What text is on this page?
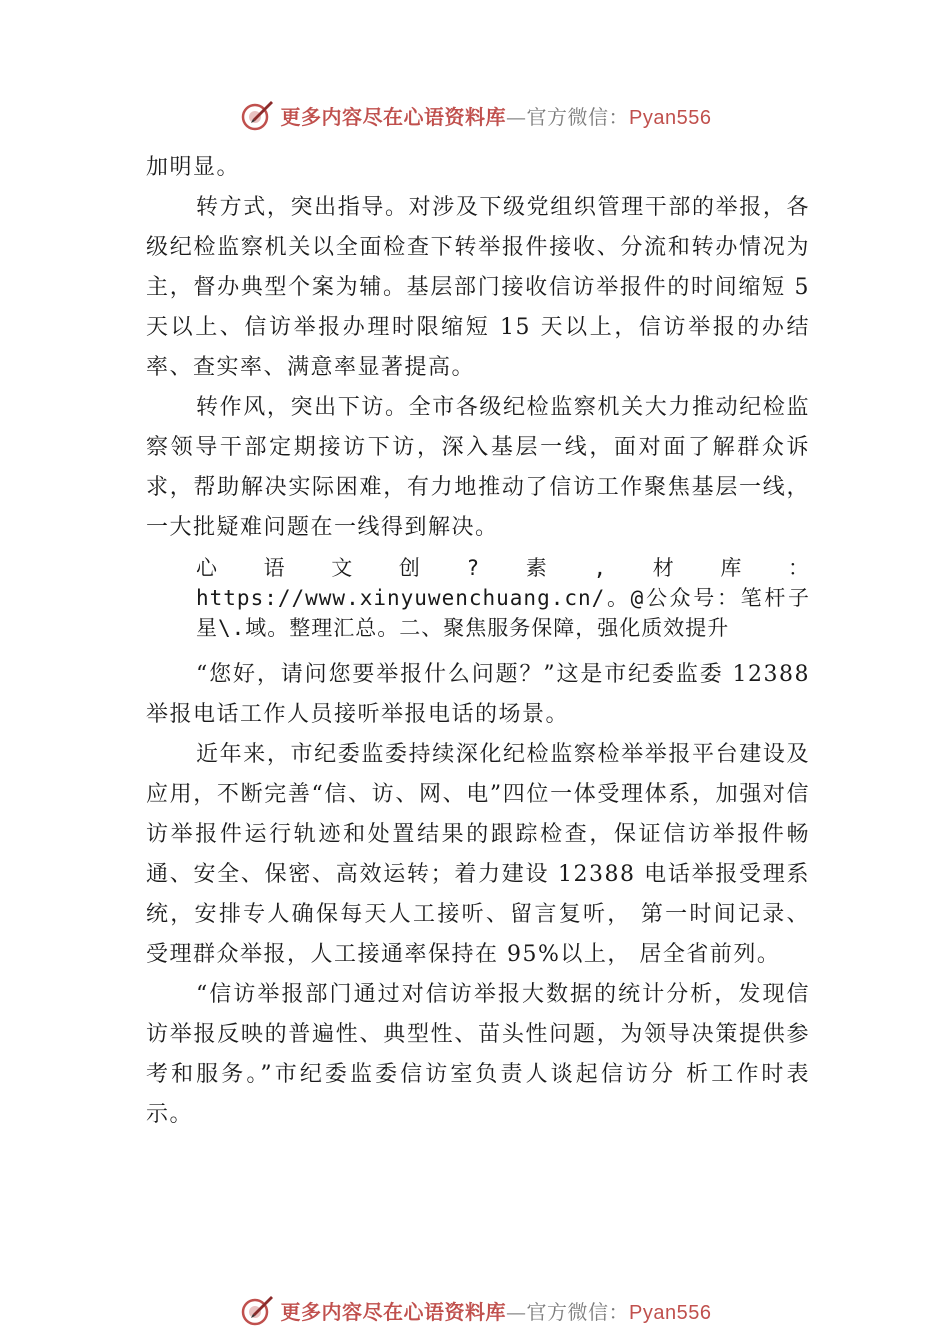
更多内容尽在心语资料库—官方微信：Pyan556

加明显。

转方式，突出指导。对涉及下级党组织管理干部的举报，各级纪检监察机关以全面检查下转举报件接收、分流和转办情况为主，督办典型个案为辅。基层部门接收信访举报件的时间缩短 5 天以上、信访举报办理时限缩短 15 天以上，信访举报的办结率、查实率、满意率显著提高。

转作风，突出下访。全市各级纪检监察机关大力推动纪检监察领导干部定期接访下访，深入基层一线，面对面了解群众诉求，帮助解决实际困难，有力地推动了信访工作聚焦基层一线，一大批疑难问题在一线得到解决。

心语文创?素,材库：https://www.xinyuwenchuang.cn/。@公众号：笔杆子星\.域。整理汇总。二、聚焦服务保障，强化质效提升

“您好，请问您要举报什么问题？”这是市纪委监委 12388 举报电话工作人员接听举报电话的场景。

近年来，市纪委监委持续深化纪检监察检举举报平台建设及应用，不断完善“信、访、网、电”四位一体受理体系，加强对信访举报件运行轨迹和处置结果的跟踪检查，保证信访举报件畅通、安全、保密、高效运转；着力建设 12388 电话举报受理系统，安排专人确保每天人工接听、留言复听， 第一时间记录、受理群众举报，人工接通率保持在 95%以上， 居全省前列。

“信访举报部门通过对信访举报大数据的统计分析，发现信访举报反映的普遍性、典型性、苗头性问题，为领导决策提供参考和服务。”市纪委监委信访室负责人谈起信访分 析工作时表示。

更多内容尽在心语资料库—官方微信：Pyan556
